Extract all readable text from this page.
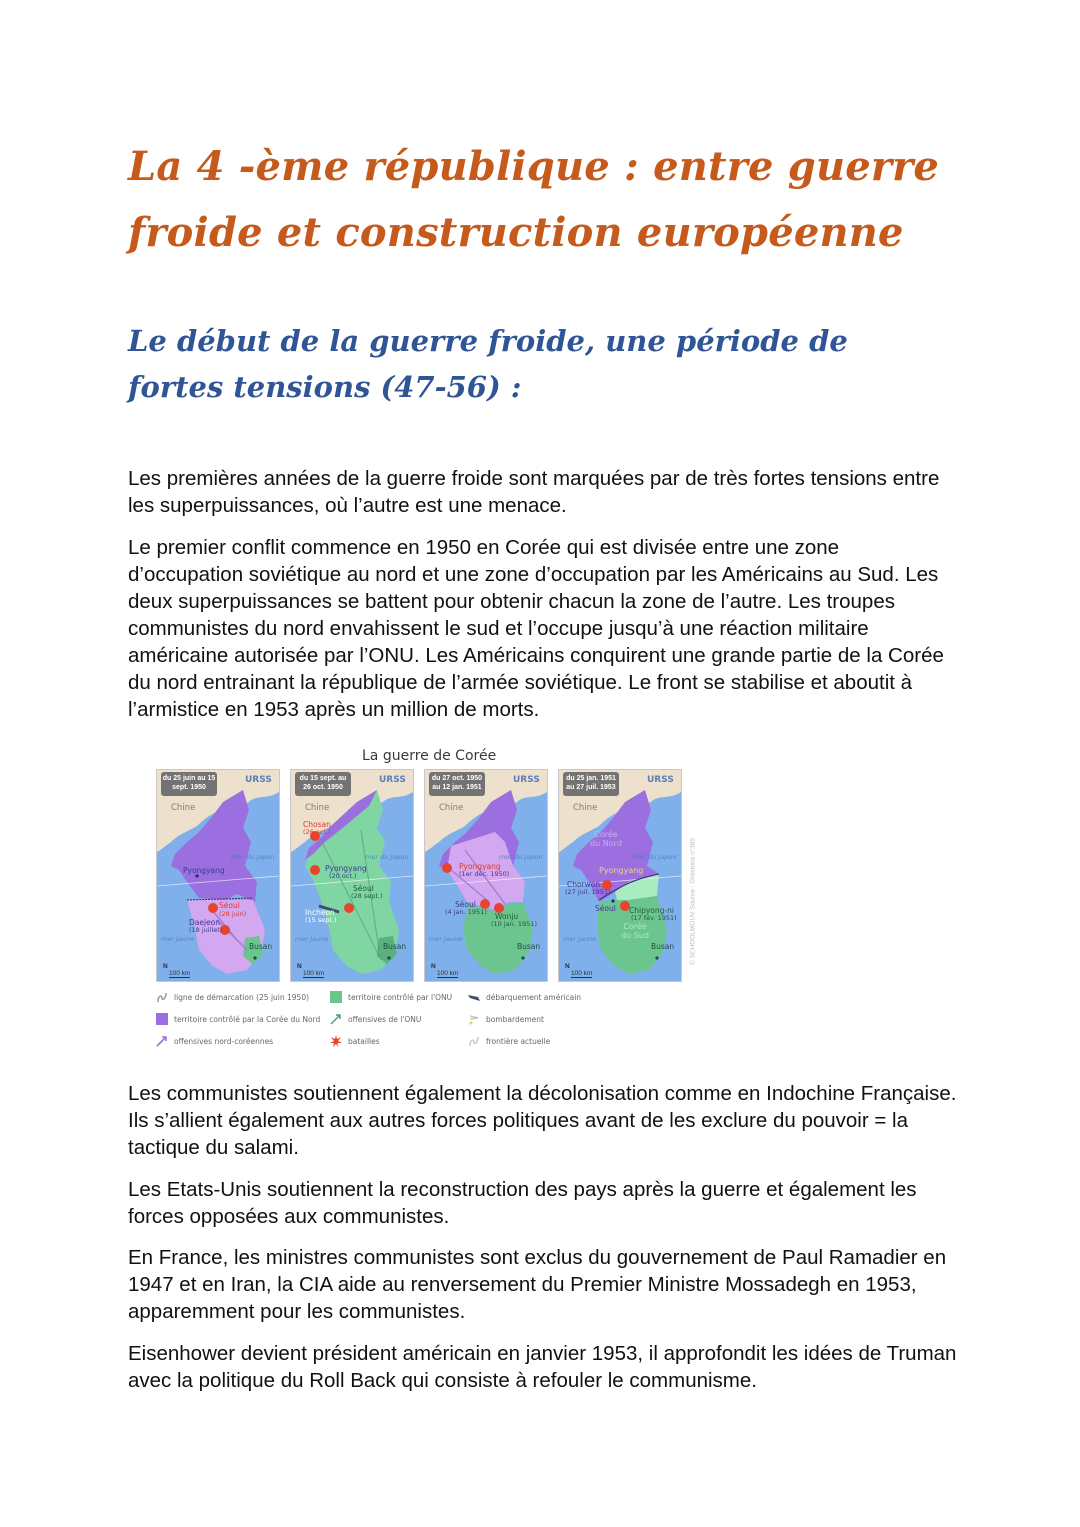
La 4 -ème république : entre guerre froide et construction européenne
Le début de la guerre froide, une période de fortes tensions (47-56) :

Les premières années de la guerre froide sont marquées par de très fortes tensions entre les superpuissances, où l’autre est une menace.

Le premier conflit commence en 1950 en Corée qui est divisée entre une zone d’occupation soviétique au nord et une zone d’occupation par les Américains au Sud. Les deux superpuissances se battent pour obtenir chacun la zone de l’autre. Les troupes communistes du nord envahissent le sud et l’occupe jusqu’à une réaction militaire américaine autorisée par l’ONU. Les Américains conquirent une grande partie de la Corée du nord entrainant la république de l’armée soviétique. Le front se stabilise et aboutit à l’armistice en 1953 après un million de morts.

La guerre de Corée
du 25 juin au 15 sept. 1950
URSS
Chine
mer du Japon
mer Jaune
Pyongyang
Séoul
(28 juin)
Daejeon
(18 juillet)
Busan
N
100 km
du 15 sept. au 26 oct. 1950
URSS
Chine
mer du Japon
mer Jaune
Chosan
(26 oct.)
Pyongyang
(20 oct.)
Séoul
(28 sept.)
Incheon
(15 sept.)
Busan
N
100 km
du 27 oct. 1950 au 12 jan. 1951
URSS
Chine
mer du Japon
mer Jaune
Pyongyang
(1er déc. 1950)
Séoul
(4 jan. 1951) Wonju
(10 jan. 1951)
Busan
N
100 km
du 25 jan. 1951 au 27 juil. 1953
URSS
Chine
mer du Japon
mer Jaune
Corée du Nord
Pyongyang
Chorwon
(27 juil. 1951)
Séoul Chipyong-ni
(17 fév. 1951)
Corée du Sud
Busan
N
100 km
© SCHOOLMOUV Source : ©Historia n°385
ligne de démarcation (25 juin 1950)	territoire contrôlé par l'ONU	débarquement américain
territoire contrôlé par la Corée du Nord	offensives de l'ONU	bombardement
offensives nord-coréennes	batailles	frontière actuelle

Les communistes soutiennent également la décolonisation comme en Indochine Française. Ils s’allient également aux autres forces politiques avant de les exclure du pouvoir = la tactique du salami.

Les Etats-Unis soutiennent la reconstruction des pays après la guerre et également les forces opposées aux communistes.

En France, les ministres communistes sont exclus du gouvernement de Paul Ramadier en 1947 et en Iran, la CIA aide au renversement du Premier Ministre Mossadegh en 1953, apparemment pour les communistes.

Eisenhower devient président américain en janvier 1953, il approfondit les idées de Truman avec la politique du Roll Back qui consiste à refouler le communisme.
